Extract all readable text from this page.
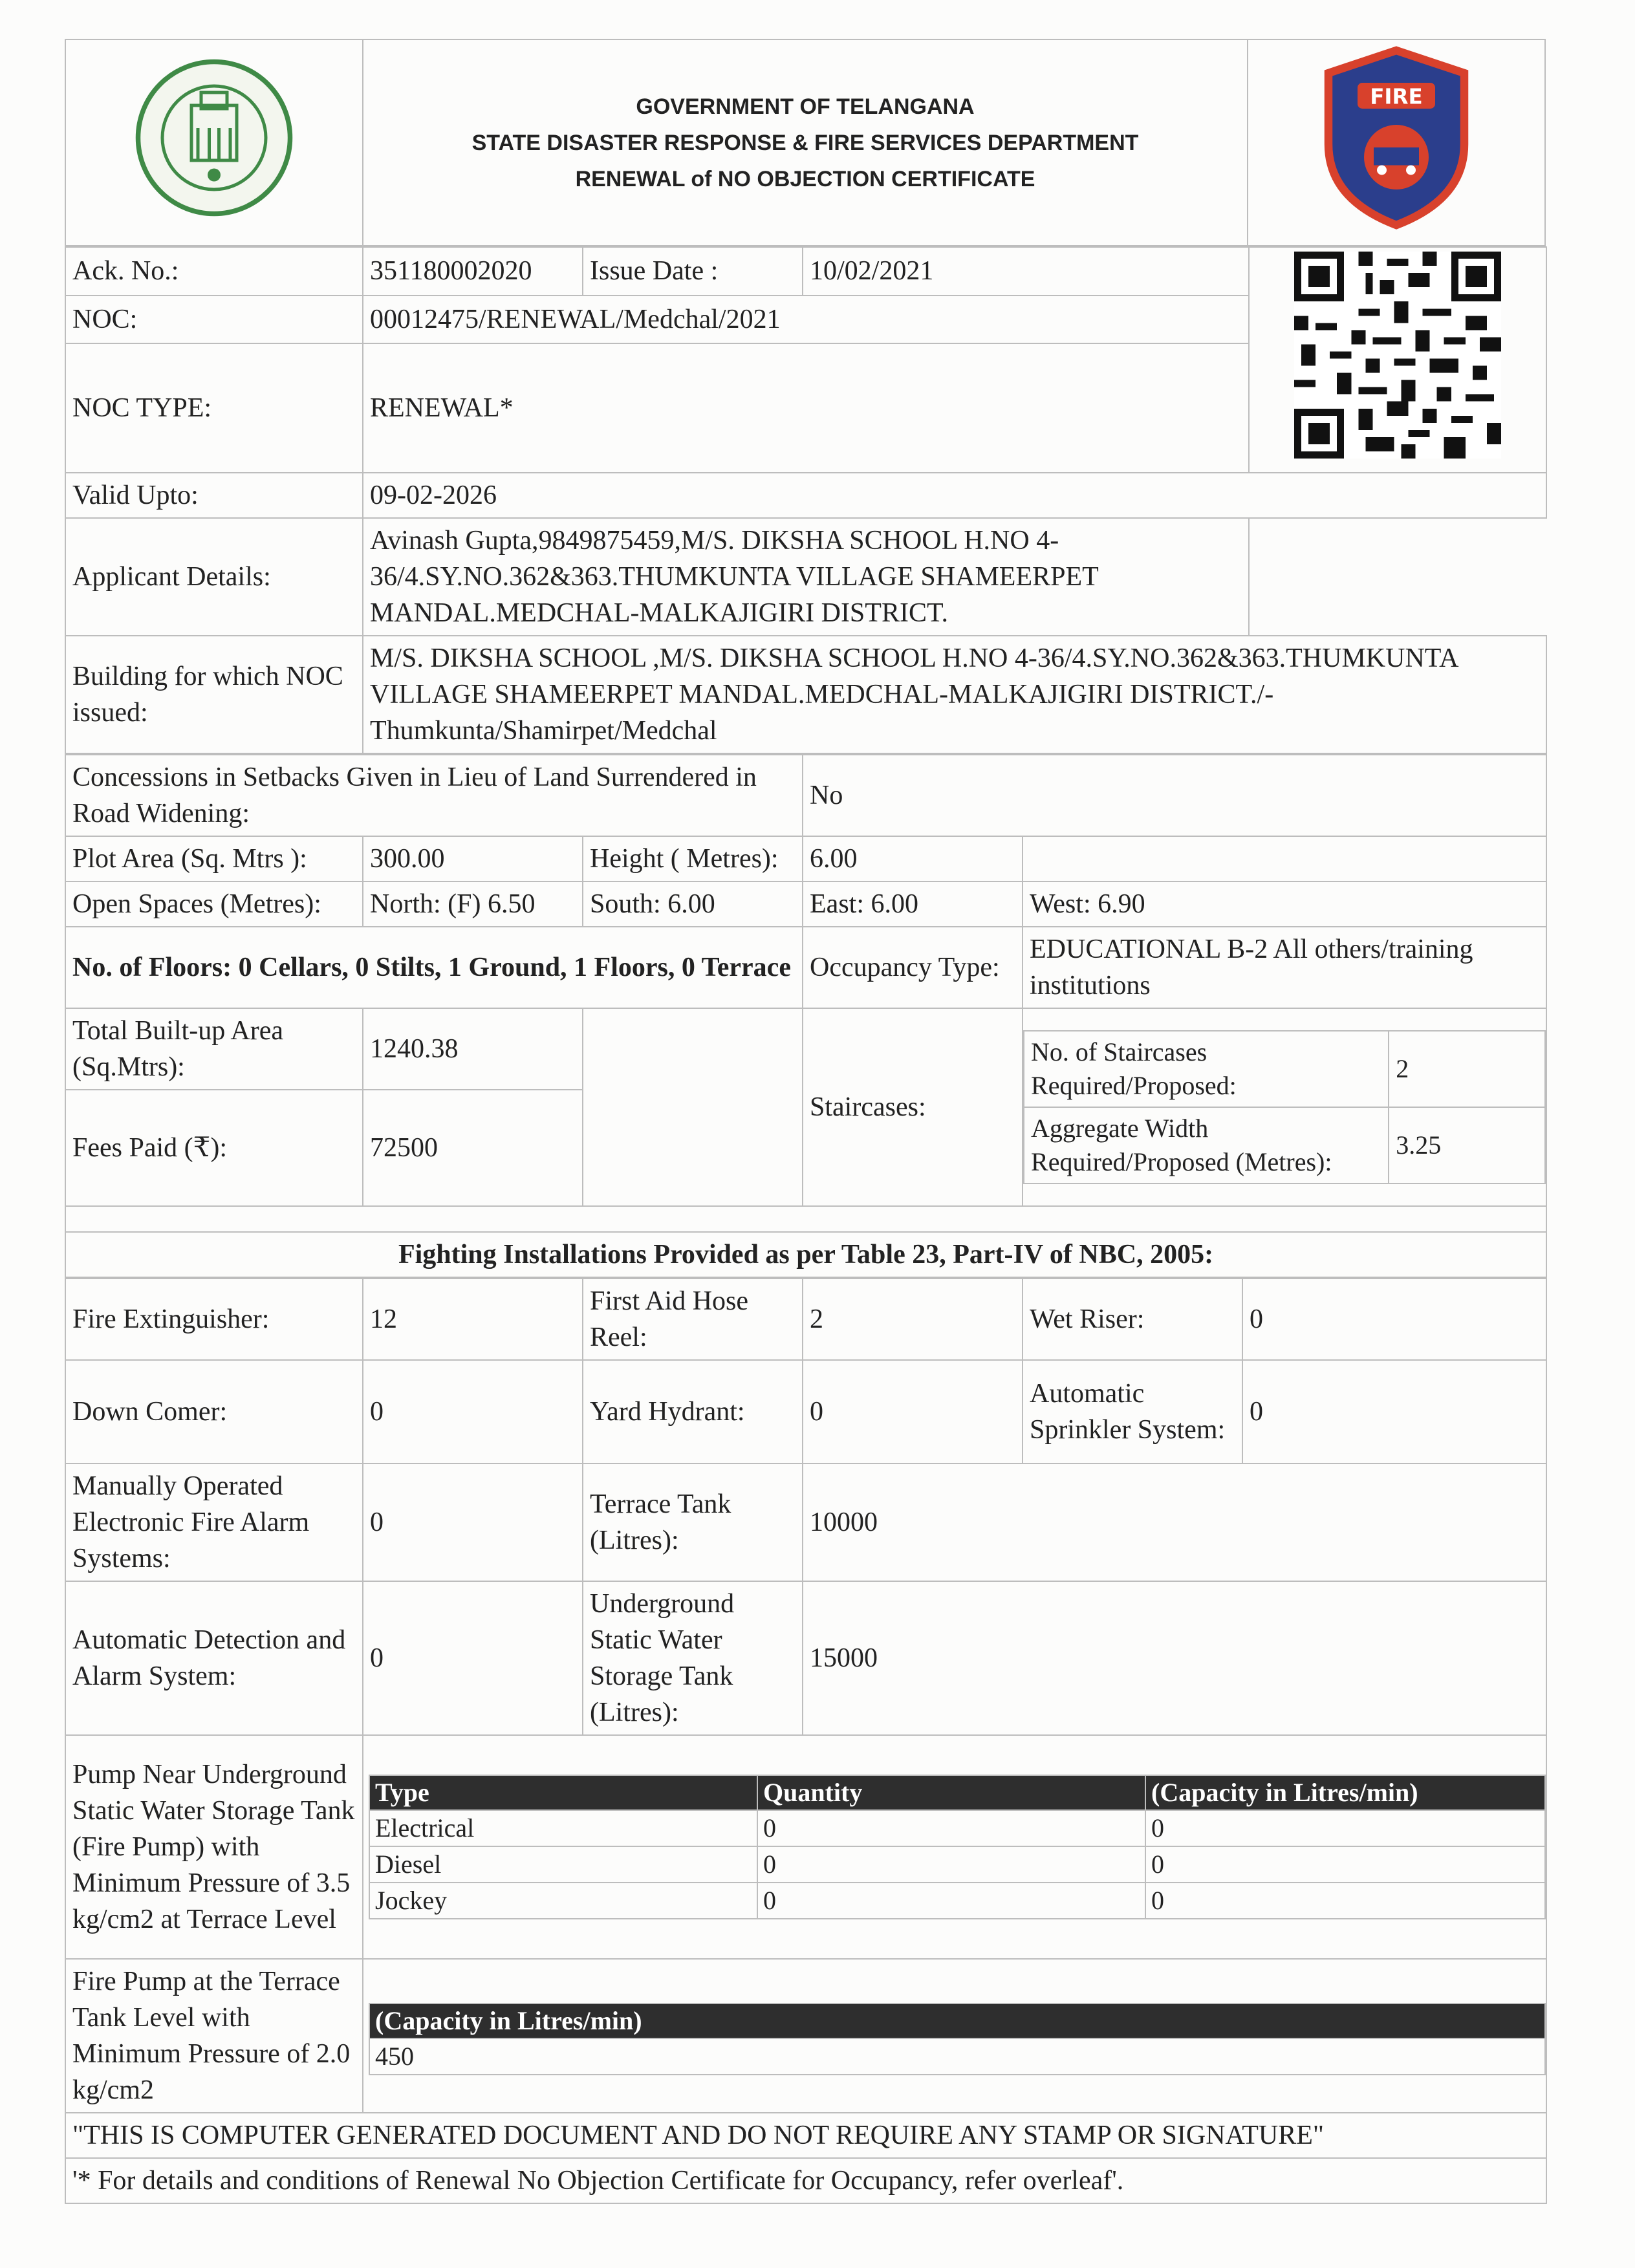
GOVERNMENT OF TELANGANA
STATE DISASTER RESPONSE & FIRE SERVICES DEPARTMENT
RENEWAL of NO OBJECTION CERTIFICATE

FIRE
Ack. No.:	351180002020	Issue Date :	10/02/2021	
NOC:	00012475/RENEWAL/Medchal/2021			
NOC TYPE:	RENEWAL*			
Valid Upto:	09-02-2026			
Applicant Details:	Avinash Gupta,9849875459,M/S. DIKSHA SCHOOL H.NO 4-36/4.SY.NO.362&363.THUMKUNTA VILLAGE SHAMEERPET MANDAL.MEDCHAL-MALKAJIGIRI DISTRICT.			
Building for which NOC issued:	M/S. DIKSHA SCHOOL ,M/S. DIKSHA SCHOOL H.NO 4-36/4.SY.NO.362&363.THUMKUNTA VILLAGE SHAMEERPET MANDAL.MEDCHAL-MALKAJIGIRI DISTRICT./-Thumkunta/Shamirpet/Medchal			
Concessions in Setbacks Given in Lieu of Land Surrendered in Road Widening:	No
Plot Area (Sq. Mtrs ):	300.00	Height ( Metres):	6.00	
Open Spaces (Metres):	North: (F) 6.50	South: 6.00	East: 6.00	West: 6.90
No. of Floors: 0 Cellars, 0 Stilts, 1 Ground, 1 Floors, 0 Terrace	Occupancy Type:	EDUCATIONAL B-2 All others/training institutions
Total Built-up Area (Sq.Mtrs):	1240.38		Staircases:	
No. of Staircases Required/Proposed:	2
Aggregate Width Required/Proposed (Metres):	3.25

Fees Paid (₹):	72500

Fighting Installations Provided as per Table 23, Part-IV of NBC, 2005:
Fire Extinguisher:	12	First Aid Hose Reel:	2	Wet Riser:	0
Down Comer:	0	Yard Hydrant:	0	Automatic Sprinkler System:	0
Manually Operated Electronic Fire Alarm Systems:	0	Terrace Tank (Litres):	10000
Automatic Detection and Alarm System:	0	Underground Static Water Storage Tank (Litres):	15000
Pump Near Underground Static Water Storage Tank (Fire Pump) with Minimum Pressure of 3.5 kg/cm2 at Terrace Level	
Type	Quantity	(Capacity in Litres/min)
Electrical	0	0
Diesel	0	0
Jockey	0	0

Fire Pump at the Terrace Tank Level with Minimum Pressure of 2.0 kg/cm2	
(Capacity in Litres/min)
450

"THIS IS COMPUTER GENERATED DOCUMENT AND DO NOT REQUIRE ANY STAMP OR SIGNATURE"
'* For details and conditions of Renewal No Objection Certificate for Occupancy, refer overleaf'.
